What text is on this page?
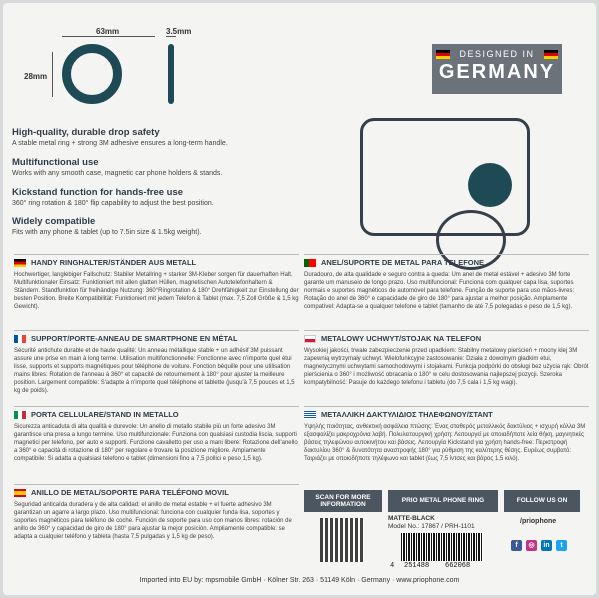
63mm	3.5mm
28mm
DESIGNED IN
GERMANY
High-quality, durable drop safety

A stable metal ring + strong 3M adhesive ensures a long-term handle.

Multifunctional use

Works with any smooth case, magnetic car phone holders & stands.

Kickstand function for hands-free use

360° ring rotation & 180° flip capability to adjust the best position.

Widely compatible

Fits with any phone & tablet (up to 7.5in size & 1.5kg weight).

HANDY RINGHALTER/STÄNDER AUS METALL
Hochwertiger, langlebiger Fallschutz: Stabiler Metallring + starker 3M-Kleber sorgen für dauerhaften Halt. Multifunktionaler Einsatz: Funktioniert mit allen glatten Hüllen, magnetischen Autotelefonhaltern & Ständern. Standfunktion für freihändige Nutzung: 360°Ringrotation & 180° Drehfähigkeit zur Einstellung der besten Position. Breite Kompatibilität: Funktioniert mit jedem Telefon & Tablet (max. 7,5 Zoll Größe & 1,5 kg Gewicht).
SUPPORT/PORTE-ANNEAU DE SMARTPHONE EN MÉTAL
Sécurité antichute durable et de haute qualité: Un anneau métallique stable + un adhésif 3M puissant assure une prise en main à long terme. Utilisation multifonctionnelle: Fonctionne avec n'importe quel étui lisse, supports et supports magnétiques pour téléphone de voiture. Fonction béquille pour une utilisation mains libres: Rotation de l'anneau à 360° et capacité de retournement à 180° pour ajuster la meilleure position. Largement compatible: S'adapte à n'importe quel téléphone et tablette (jusqu'à 7,5 pouces et 1,5 kg de poids).
PORTA CELLULARE/STAND IN METALLO
Sicurezza anticaduta di alta qualità e durevole: Un anello di metallo stabile più un forte adesivo 3M garantisce una presa a lungo termine. Uso multifunzionale: Funziona con qualsiasi custodia liscia, supporti magnetici per telefono, per auto e supporti. Funzione cavalletto per uso a mani libere: Rotazione dell'anello a 360° e capacità di rotazione di 180° per regolare e trovare la posizione migliore. Ampiamente compatibile: Si adatta a qualsiasi telefono e tablet (dimensioni fino a 7,5 pollici e peso 1,5 kg).
ANILLO DE METAL/SOPORTE PARA TELÉFONO MOVIL
Seguridad anticaída duradera y de alta calidad: el anillo de metal estable + el fuerte adhesivo 3M garantizan un agarre a largo plazo. Uso multifuncional: funciona con cualquier funda lisa, soportes y soportes magnéticos para teléfono de coche. Función de soporte para uso con manos libres: rotación de anillo de 360° y capacidad de giro de 180° para ajustar la mejor posición. Ampliamente compatible: se adapta a cualquier teléfono y tableta (hasta 7,5 pulgadas y 1,5 kg de peso).
ANEL/SUPORTE DE METAL PARA TELEFONE
Duradouro, de alta qualidade e seguro contra a queda: Um anel de metal estável + adesivo 3M forte garante um manuseio de longo prazo. Uso multifuncional: Funciona com qualquer capa lisa, suportes normais e suportes magnéticos de automóvel para telefone. Função de suporte para uso mãos-livres: Rotação do anel de 360° e capacidade de giro de 180° para ajustar a melhor posição. Amplamente compatível: Adapta-se a qualquer telefone e tablet (tamanho de até 7,5 polegadas e peso de 1,5 kg).
METALOWY UCHWYT/STOJAK NA TELEFON
Wysokiej jakości, trwałe zabezpieczenie przed upadkiem: Stabilny metalowy pierścień + mocny klej 3M zapewnią wytrzymały uchwyt. Wielofunkcyjne zastosowanie: Działa z dowolnym gładkim etui, magnetycznymi uchwytami samochodowymi i stojakami. Funkcja podpórki do obsługi bez użycia rąk: Obrót pierścienia o 360° i możliwość obracania o 180° w celu dostosowania najlepszej pozycji. Szeroka kompatybilność: Pasuje do każdego telefonu i tabletu (do 7,5 cala i 1,5 kg wagi).
ΜΕΤΑΛΛΙΚΗ ΔΑΚΤΥΛΙΔΙΟΣ ΤΗΛΕΦΩΝΟΥ/ΣΤΑΝΤ
Υψηλής ποιότητας, ανθεκτική ασφάλεια πτώσης: Ένας σταθερός μεταλλικός δακτύλιος + ισχυρή κόλλα 3M εξασφαλίζει μακροχρόνια λαβή. Πολυλειτουργική χρήση: Λειτουργεί με οποιαδήποτε λεία θήκη, μαγνητικές βάσεις τηλεφώνου αυτοκινήτου και βάσεις. Λειτουργία Kickstand για χρήση hands-free: Περιστροφή δακτυλίου 360° & δυνατότητα αναστροφής 180° για ρύθμιση της καλύτερης θέσης. Ευρέως συμβατό: Ταιριάζει με οποιοδήποτε τηλέφωνο και tablet (έως 7,5 ίντσες και βάρος 1,5 κιλό).
SCAN FOR MORE INFORMATION
PRIO METAL PHONE RING	FOLLOW US ON
MATTE-BLACK
Model No.: 17867 / PRH-1101
4 251488 662068
/priophone
f	◎	in	t
Imported into EU by: mpsmobile GmbH · Kölner Str. 263 · 51149 Köln · Germany · www.priophone.com
